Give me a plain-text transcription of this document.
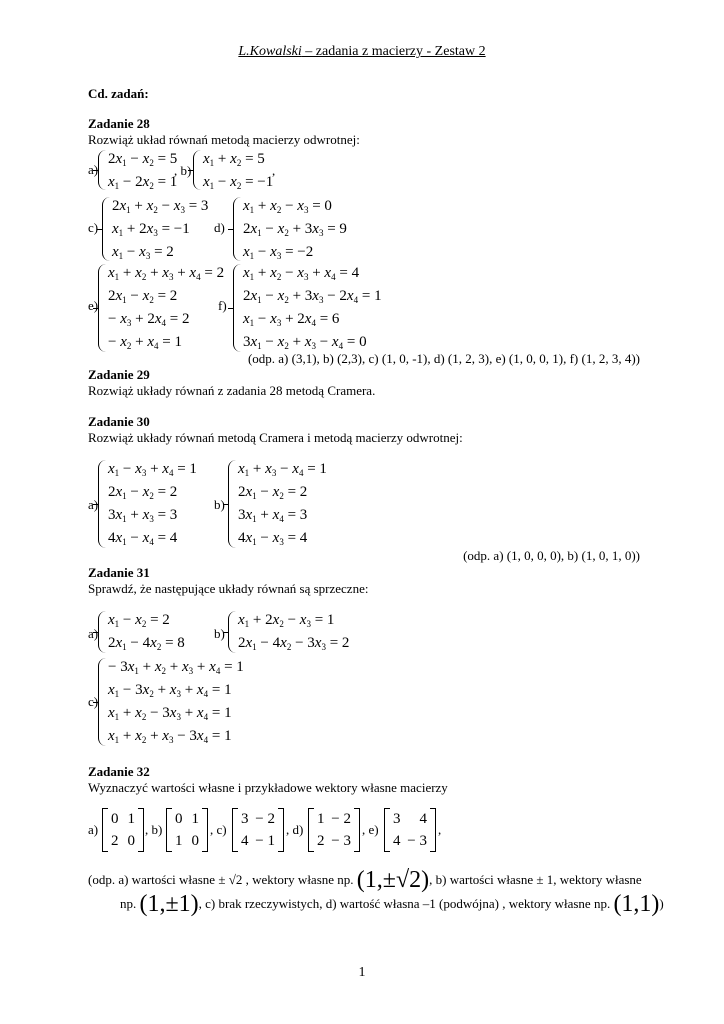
L.Kowalski – zadania z macierzy - Zestaw 2
Cd. zadań:
Zadanie 28
Rozwiąż układ równań metodą macierzy odwrotnej:
a)
$2x_1 - x_2 = 5$
$x_1 - 2x_2 = 1$
, b)
$x_1 + x_2 = 5$
$x_1 - x_2 = -1$
,
c)
$2x_1 + x_2 - x_3 = 3$
$x_1 + 2x_3 = -1$
$x_1 - x_3 = 2$
d)
$x_1 + x_2 - x_3 = 0$
$2x_1 - x_2 + 3x_3 = 9$
$x_1 - x_3 = -2$
e)
$x_1 + x_2 + x_3 + x_4 = 2$
$2x_1 - x_2 = 2$
− $x_3 + 2x_4 = 2$
− $x_2 + x_4 = 1$
f)
$x_1 + x_2 - x_3 + x_4 = 4$
$2x_1 - x_2 + 3x_3 - 2x_4 = 1$
$x_1 - x_3 + 2x_4 = 6$
$3x_1 - x_2 + x_3 - x_4 = 0$
(odp. a) (3,1), b) (2,3), c) (1, 0, -1), d) (1, 2, 3), e) (1, 0, 0, 1), f) (1, 2, 3, 4))
Zadanie 29
Rozwiąż układy równań z zadania 28 metodą Cramera.
Zadanie 30
Rozwiąż układy równań metodą Cramera i metodą macierzy odwrotnej:
a)
$x_1 - x_3 + x_4 = 1$
$2x_1 - x_2 = 2$
$3x_1 + x_3 = 3$
$4x_1 - x_4 = 4$
b)
$x_1 + x_3 - x_4 = 1$
$2x_1 - x_2 = 2$
$3x_1 + x_4 = 3$
$4x_1 - x_3 = 4$
(odp. a) (1, 0, 0, 0), b) (1, 0, 1, 0))
Zadanie 31
Sprawdź, że następujące układy równań są sprzeczne:
a)
$x_1 - x_2 = 2$
$2x_1 - 4x_2 = 8$
b)
$x_1 + 2x_2 - x_3 = 1$
$2x_1 - 4x_2 - 3x_3 = 2$
c)
− $3x_1 + x_2 + x_3 + x_4 = 1$
$x_1 - 3x_2 + x_3 + x_4 = 1$
$x_1 + x_2 - 3x_3 + x_4 = 1$
$x_1 + x_2 + x_3 - 3x_4 = 1$
Zadanie 32
Wyznaczyć wartości własne i przykładowe wektory własne macierzy
a)
0 1
2 0
, b)
0 1
1 0
, c)
3 − 2
4 − 1
, d)
1 − 2
2 − 3
, e)
3 4
4 − 3
,
(odp. a) wartości własne ± √2 , wektory własne np. (1,±√2), b) wartości własne ± 1, wektory własne
np. (1,±1), c) brak rzeczywistych, d) wartość własna –1 (podwójna) , wektory własne np. (1,1))
1
